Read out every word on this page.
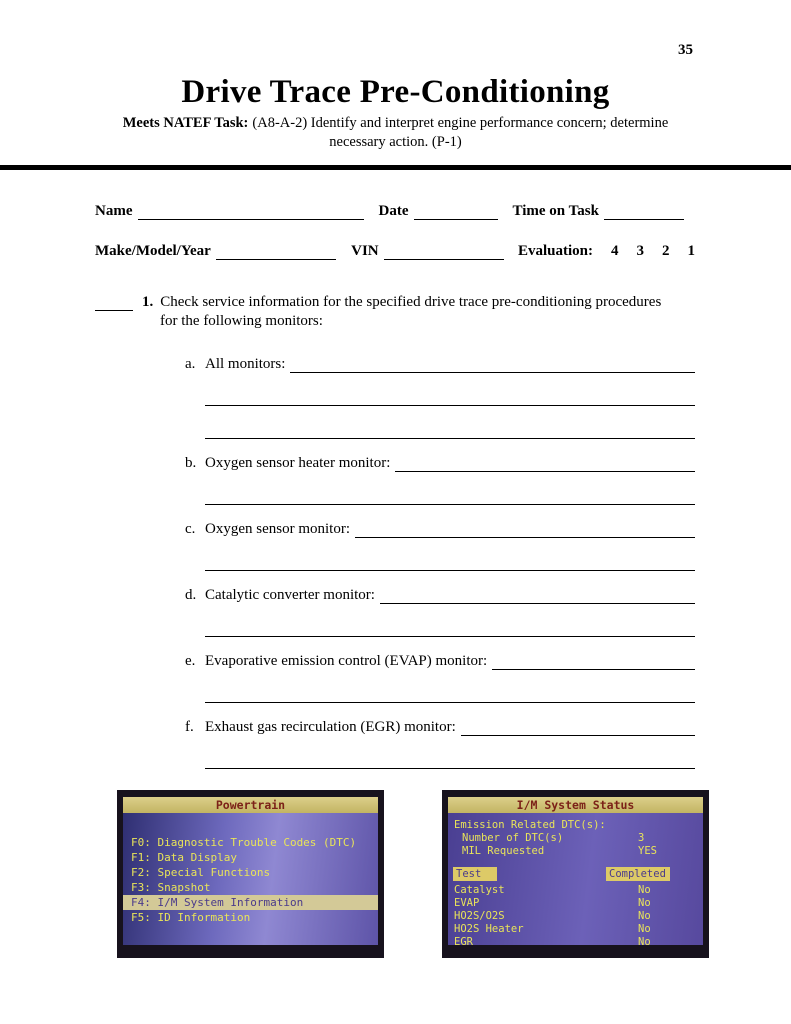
35
Drive Trace Pre-Conditioning
Meets NATEF Task: (A8-A-2) Identify and interpret engine performance concern; determine
necessary action. (P-1)
Name	Date	Time on Task
Make/Model/Year	VIN	Evaluation:	4 3 2 1
1. Check service information for the specified drive trace pre-conditioning procedures
for the following monitors:
a. All monitors:
b. Oxygen sensor heater monitor:
c. Oxygen sensor monitor:
d. Catalytic converter monitor:
e. Evaporative emission control (EVAP) monitor:
f. Exhaust gas recirculation (EGR) monitor:
Powertrain
F0: Diagnostic Trouble Codes (DTC)
F1: Data Display
F2: Special Functions
F3: Snapshot
F4: I/M System Information
F5: ID Information
I/M System Status
Emission Related DTC(s):
Number of DTC(s)	3
MIL Requested	YES
Test	Completed
Catalyst	No
EVAP	No
HO2S/O2S	No
HO2S Heater	No
EGR	No
